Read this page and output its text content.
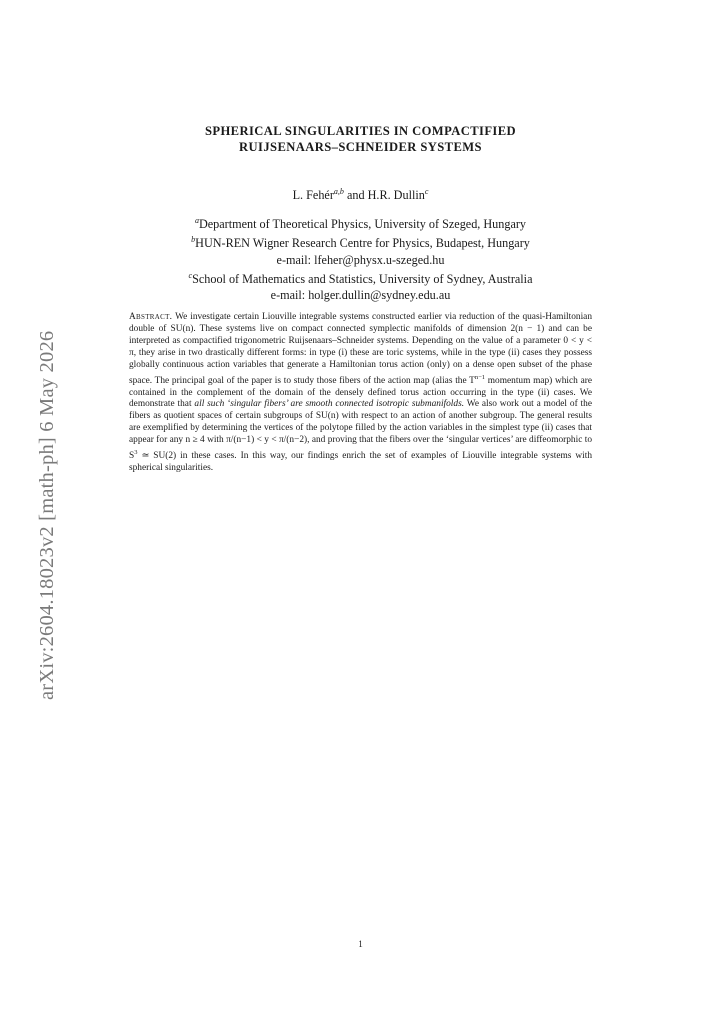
arXiv:2604.18023v2 [math-ph] 6 May 2026
SPHERICAL SINGULARITIES IN COMPACTIFIED
RUIJSENAARS–SCHNEIDER SYSTEMS
L. Fehér$^{a,b}$ and H.R. Dullin$^c$
$^a$Department of Theoretical Physics, University of Szeged, Hungary
$^b$HUN-REN Wigner Research Centre for Physics, Budapest, Hungary
e-mail: lfeher@physx.u-szeged.hu
$^c$School of Mathematics and Statistics, University of Sydney, Australia
e-mail: holger.dullin@sydney.edu.au
Abstract. We investigate certain Liouville integrable systems constructed earlier via reduction of the quasi-Hamiltonian double of SU(n). These systems live on compact connected symplectic manifolds of dimension 2(n − 1) and can be interpreted as compactified trigonometric Ruijsenaars–Schneider systems. Depending on the value of a parameter 0 < y < π, they arise in two drastically different forms: in type (i) these are toric systems, while in the type (ii) cases they possess globally continuous action variables that generate a Hamiltonian torus action (only) on a dense open subset of the phase space. The principal goal of the paper is to study those fibers of the action map (alias the $T^{n-1}$ momentum map) which are contained in the complement of the domain of the densely defined torus action occurring in the type (ii) cases. We demonstrate that all such ‘singular fibers’ are smooth connected isotropic submanifolds. We also work out a model of the fibers as quotient spaces of certain subgroups of SU(n) with respect to an action of another subgroup. The general results are exemplified by determining the vertices of the polytope filled by the action variables in the simplest type (ii) cases that appear for any n ≥ 4 with π/(n−1) < y < π/(n−2), and proving that the fibers over the ‘singular vertices’ are diffeomorphic to $S^3$ ≃ SU(2) in these cases. In this way, our findings enrich the set of examples of Liouville integrable systems with spherical singularities.
1
